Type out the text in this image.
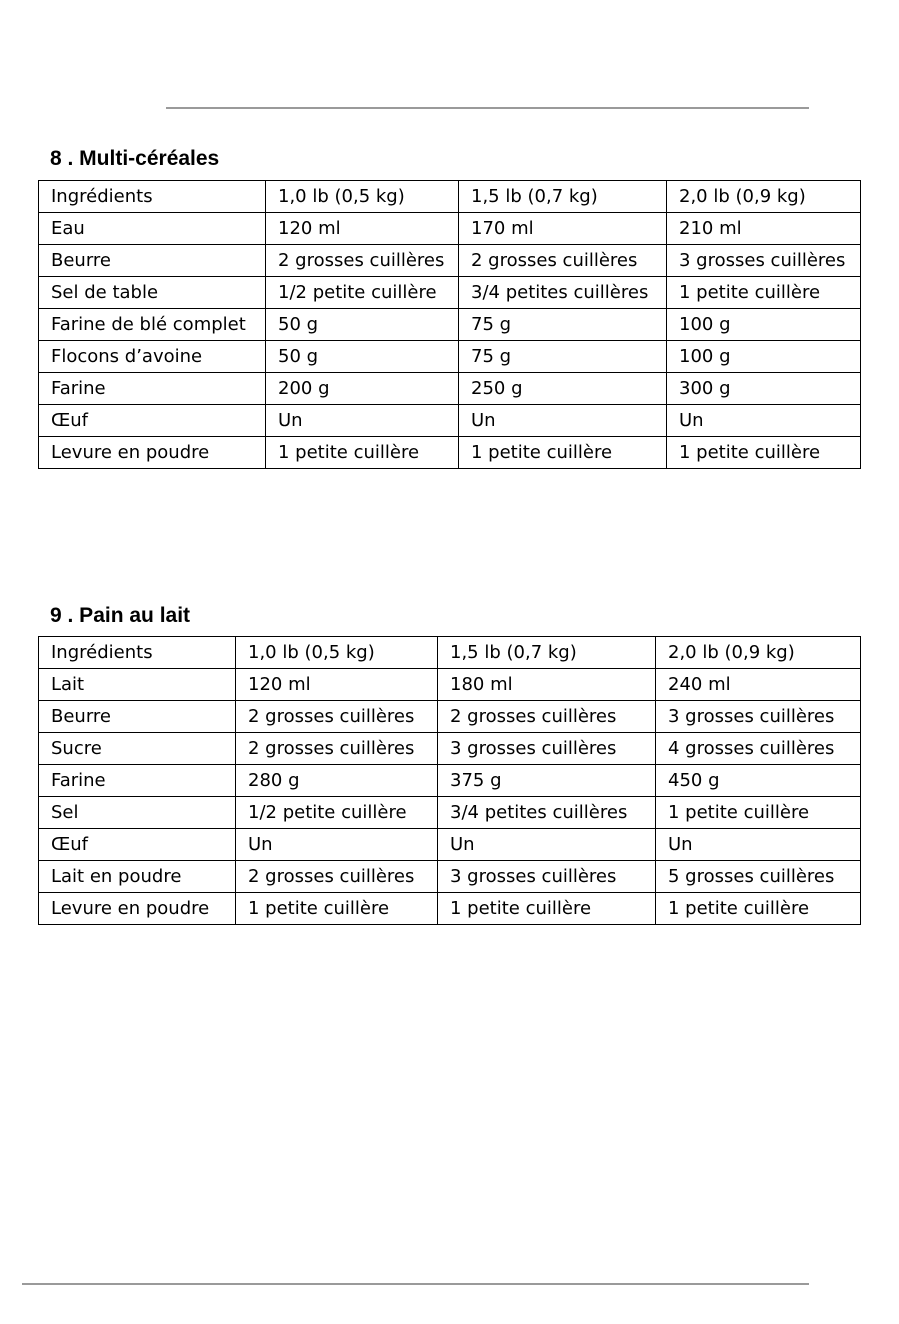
8 . Multi-céréales
Ingrédients	1,0 lb (0,5 kg)	1,5 lb (0,7 kg)	2,0 lb (0,9 kg)
Eau	120 ml	170 ml	210 ml
Beurre	2 grosses cuillères	2 grosses cuillères	3 grosses cuillères
Sel de table	1/2 petite cuillère	3/4 petites cuillères	1 petite cuillère
Farine de blé complet	50 g	75 g	100 g
Flocons d’avoine	50 g	75 g	100 g
Farine	200 g	250 g	300 g
Œuf	Un	Un	Un
Levure en poudre	1 petite cuillère	1 petite cuillère	1 petite cuillère
9 . Pain au lait
Ingrédients	1,0 lb (0,5 kg)	1,5 lb (0,7 kg)	2,0 lb (0,9 kg)
Lait	120 ml	180 ml	240 ml
Beurre	2 grosses cuillères	2 grosses cuillères	3 grosses cuillères
Sucre	2 grosses cuillères	3 grosses cuillères	4 grosses cuillères
Farine	280 g	375 g	450 g
Sel	1/2 petite cuillère	3/4 petites cuillères	1 petite cuillère
Œuf	Un	Un	Un
Lait en poudre	2 grosses cuillères	3 grosses cuillères	5 grosses cuillères
Levure en poudre	1 petite cuillère	1 petite cuillère	1 petite cuillère
